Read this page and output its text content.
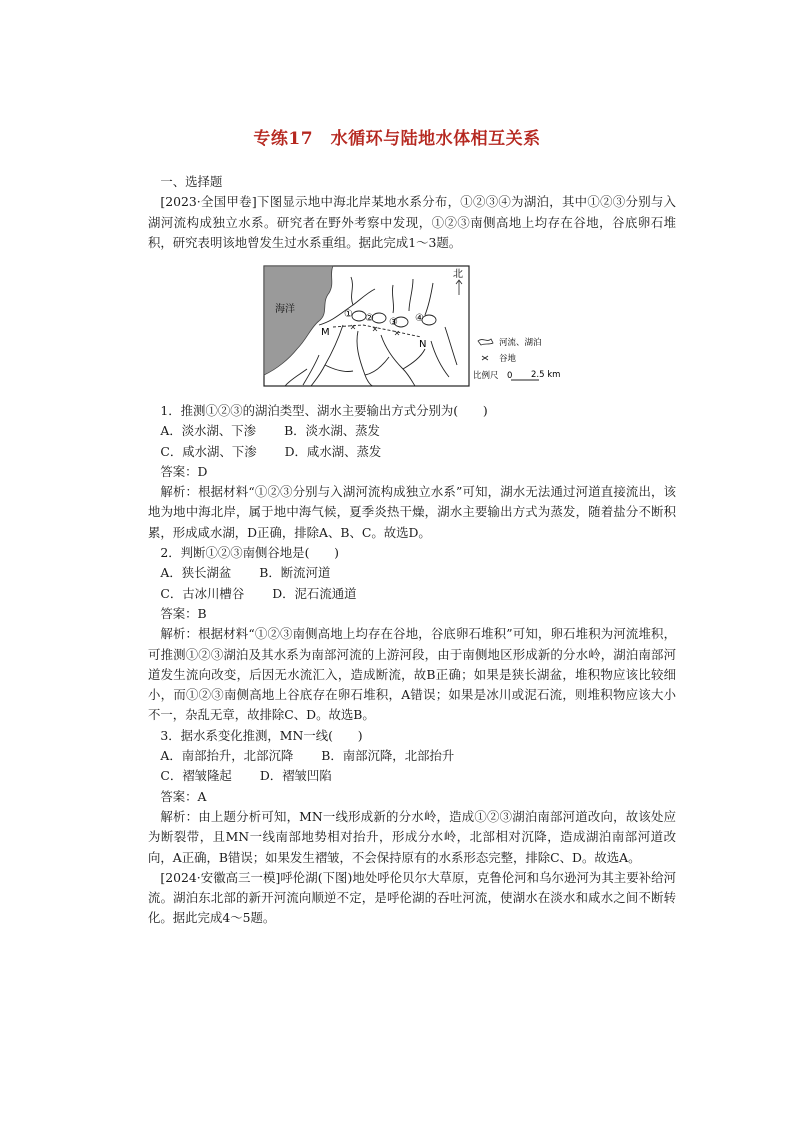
专练17　水循环与陆地水体相互关系

一、选择题

[2023·全国甲卷]下图显示地中海北岸某地水系分布，①②③④为湖泊，其中①②③分别与入湖河流构成独立水系。研究者在野外考察中发现，①②③南侧高地上均存在谷地，谷底卵石堆积，研究表明该地曾发生过水系重组。据此完成1～3题。

海洋	① ② ③ ④
M
N
北
河流、湖泊
谷地
比例尺 0 2.5 km

1．推测①②③的湖泊类型、湖水主要输出方式分别为(　　)

A．淡水湖、下渗 B．淡水湖、蒸发

C．咸水湖、下渗 D．咸水湖、蒸发

答案：D

解析：根据材料“①②③分别与入湖河流构成独立水系”可知，湖水无法通过河道直接流出，该地为地中海北岸，属于地中海气候，夏季炎热干燥，湖水主要输出方式为蒸发，随着盐分不断积累，形成咸水湖，D正确，排除A、B、C。故选D。

2．判断①②③南侧谷地是(　　)

A．狭长湖盆 B．断流河道

C．古冰川槽谷 D．泥石流通道

答案：B

解析：根据材料“①②③南侧高地上均存在谷地，谷底卵石堆积”可知，卵石堆积为河流堆积，可推测①②③湖泊及其水系为南部河流的上游河段，由于南侧地区形成新的分水岭，湖泊南部河道发生流向改变，后因无水流汇入，造成断流，故B正确；如果是狭长湖盆，堆积物应该比较细小，而①②③南侧高地上谷底存在卵石堆积，A错误；如果是冰川或泥石流，则堆积物应该大小不一，杂乱无章，故排除C、D。故选B。

3．据水系变化推测，MN一线(　　)

A．南部抬升，北部沉降 B．南部沉降，北部抬升

C．褶皱隆起 D．褶皱凹陷

答案：A

解析：由上题分析可知，MN一线形成新的分水岭，造成①②③湖泊南部河道改向，故该处应为断裂带，且MN一线南部地势相对抬升，形成分水岭，北部相对沉降，造成湖泊南部河道改向，A正确，B错误；如果发生褶皱，不会保持原有的水系形态完整，排除C、D。故选A。

[2024·安徽高三一模]呼伦湖(下图)地处呼伦贝尔大草原，克鲁伦河和乌尔逊河为其主要补给河流。湖泊东北部的新开河流向顺逆不定，是呼伦湖的吞吐河流，使湖水在淡水和咸水之间不断转化。据此完成4～5题。
